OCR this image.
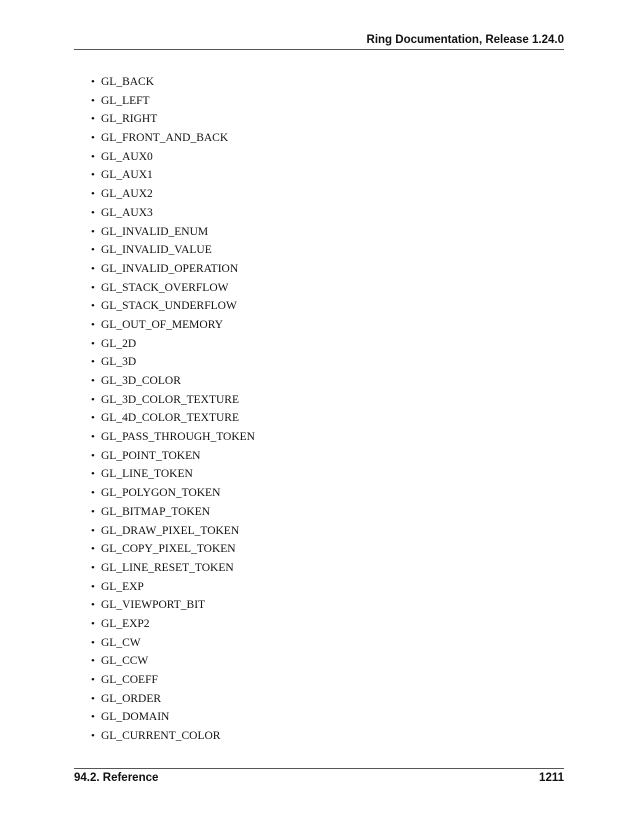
Ring Documentation, Release 1.24.0
• GL_BACK
• GL_LEFT
• GL_RIGHT
• GL_FRONT_AND_BACK
• GL_AUX0
• GL_AUX1
• GL_AUX2
• GL_AUX3
• GL_INVALID_ENUM
• GL_INVALID_VALUE
• GL_INVALID_OPERATION
• GL_STACK_OVERFLOW
• GL_STACK_UNDERFLOW
• GL_OUT_OF_MEMORY
• GL_2D
• GL_3D
• GL_3D_COLOR
• GL_3D_COLOR_TEXTURE
• GL_4D_COLOR_TEXTURE
• GL_PASS_THROUGH_TOKEN
• GL_POINT_TOKEN
• GL_LINE_TOKEN
• GL_POLYGON_TOKEN
• GL_BITMAP_TOKEN
• GL_DRAW_PIXEL_TOKEN
• GL_COPY_PIXEL_TOKEN
• GL_LINE_RESET_TOKEN
• GL_EXP
• GL_VIEWPORT_BIT
• GL_EXP2
• GL_CW
• GL_CCW
• GL_COEFF
• GL_ORDER
• GL_DOMAIN
• GL_CURRENT_COLOR
94.2. Reference	1211
